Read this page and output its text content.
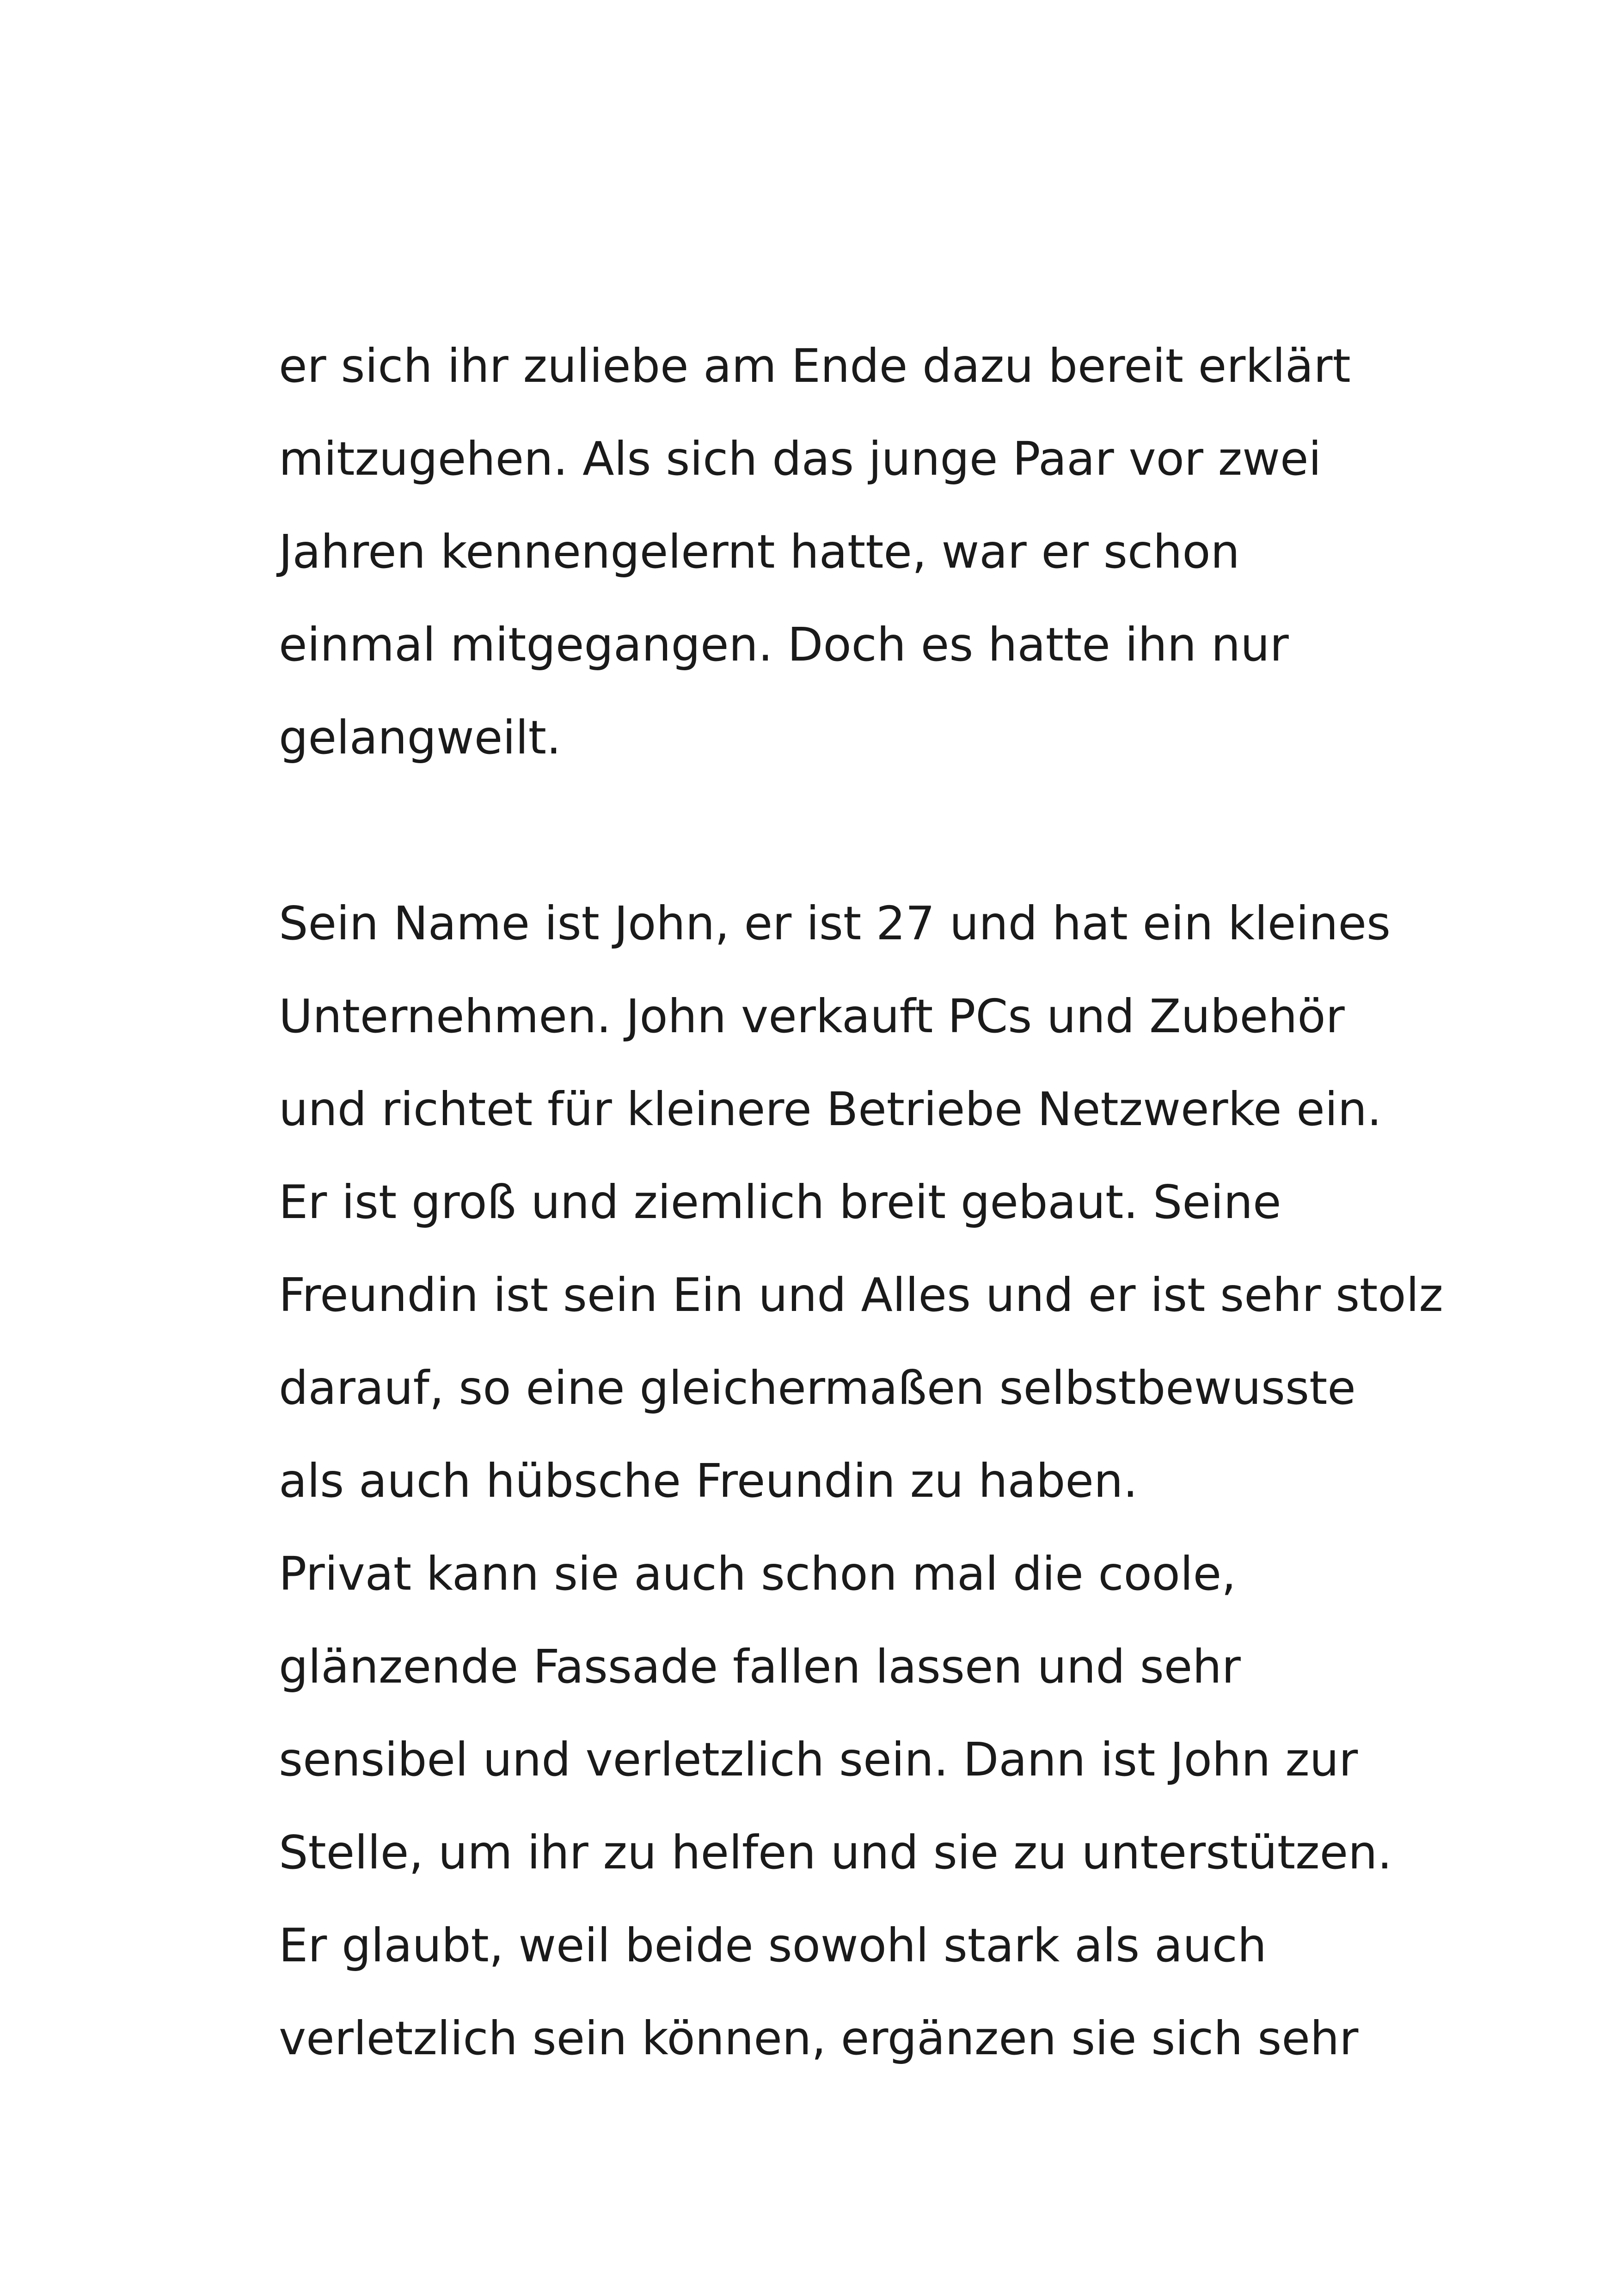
er sich ihr zuliebe am Ende dazu bereit erklärt
mitzugehen. Als sich das junge Paar vor zwei
Jahren kennengelernt hatte, war er schon
einmal mitgegangen. Doch es hatte ihn nur
gelangweilt.
Sein Name ist John, er ist 27 und hat ein kleines
Unternehmen. John verkauft PCs und Zubehör
und richtet für kleinere Betriebe Netzwerke ein.
Er ist groß und ziemlich breit gebaut. Seine
Freundin ist sein Ein und Alles und er ist sehr stolz
darauf, so eine gleichermaßen selbstbewusste
als auch hübsche Freundin zu haben.
Privat kann sie auch schon mal die coole,
glänzende Fassade fallen lassen und sehr
sensibel und verletzlich sein. Dann ist John zur
Stelle, um ihr zu helfen und sie zu unterstützen.
Er glaubt, weil beide sowohl stark als auch
verletzlich sein können, ergänzen sie sich sehr
